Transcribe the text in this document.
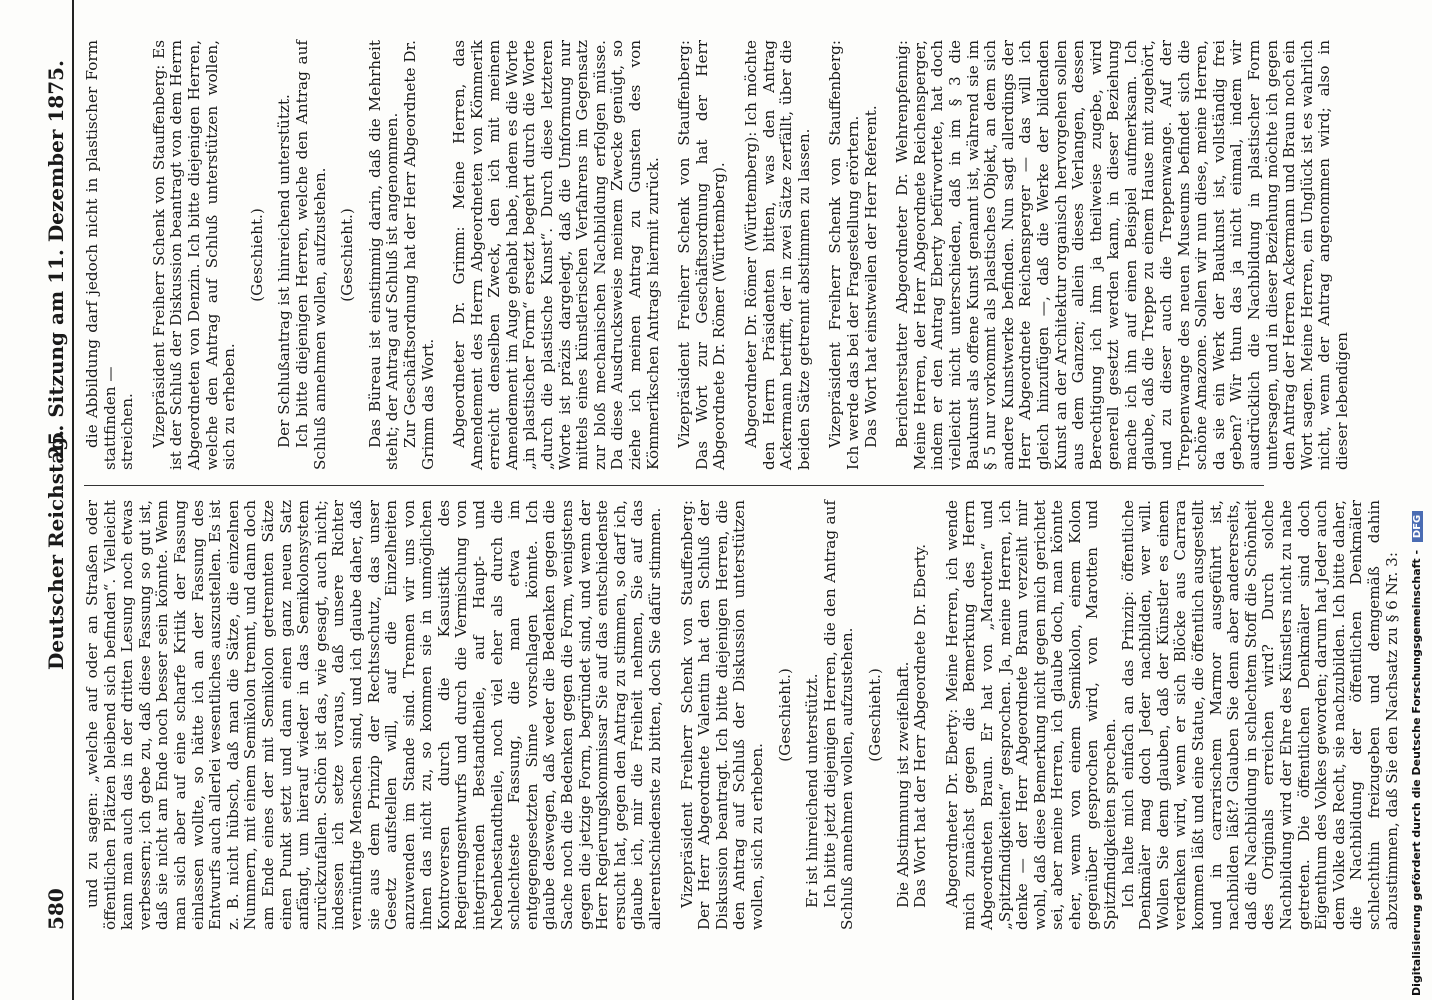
580
Deutscher Reichstag.
25. Sitzung am 11. Dezember 1875.

und zu sagen: „welche auf oder an Straßen oder öffentlichen Plätzen bleibend sich befinden“. Vielleicht kann man auch das in der dritten Lesung noch etwas verbessern; ich gebe zu, daß diese Fassung so gut ist, daß sie nicht am Ende noch besser sein könnte. Wenn man sich aber auf eine scharfe Kritik der Fassung einlassen wollte, so hätte ich an der Fassung des Entwurfs auch allerlei wesentliches auszustellen. Es ist z. B. nicht hübsch, daß man die Sätze, die einzelnen Nummern, mit einem Semikolon trennt, und dann doch am Ende eines der mit Semikolon getrennten Sätze einen Punkt setzt und dann einen ganz neuen Satz anfängt, um hierauf wieder in das Semikolonsystem zurückzufallen. Schön ist das, wie gesagt, auch nicht; indessen ich setze voraus, daß unsere Richter vernünftige Menschen sind, und ich glaube daher, daß sie aus dem Prinzip der Rechtsschutz, das unser Gesetz aufstellen will, auf die Einzelheiten anzuwenden im Stande sind. Trennen wir uns von ihnen das nicht zu, so kommen sie in unmöglichen Kontroversen durch die Kasuistik des Regierungsentwurfs und durch die Vermischung von integrirenden Bestandtheile, auf Haupt- und Nebenbestandtheile, noch viel eher als durch die schlechteste Fassung, die man etwa im entgegengesetzten Sinne vorschlagen könnte. Ich glaube deswegen, daß weder die Bedenken gegen die Sache noch die Bedenken gegen die Form, wenigstens gegen die jetzige Form, begründet sind, und wenn der Herr Regierungskommissar Sie auf das entschiedenste ersucht hat, gegen den Antrag zu stimmen, so darf ich, glaube ich, mir die Freiheit nehmen, Sie auf das allerentschiedenste zu bitten, doch Sie dafür stimmen. Vizepräsident Freiherr Schenk von Stauffenberg: Der Herr Abgeordnete Valentin hat den Schluß der Diskussion beantragt. Ich bitte diejenigen Herren, die den Antrag auf Schluß der Diskussion unterstützen wollen, sich zu erheben.

(Geschieht.) Er ist hinreichend unterstützt. Ich bitte jetzt diejenigen Herren, die den Antrag auf Schluß annehmen wollen, aufzustehen. (Geschieht.) Die Abstimmung ist zweifelhaft. Das Wort hat der Herr Abgeordnete Dr. Eberty. Abgeordneter Dr. Eberty: Meine Herren, ich wende mich zunächst gegen die Bemerkung des Herrn Abgeordneten Braun. Er hat von „Marotten“ und „Spitzfindigkeiten“ gesprochen. Ja, meine Herren, ich denke — der Herr Abgeordnete Braun verzeiht mir wohl, daß diese Bemerkung nicht gegen mich gerichtet sei, aber meine Herren, ich glaube doch, man könnte eher, wenn von einem Semikolon, einem Kolon gegenüber gesprochen wird, von Marotten und Spitzfindigkeiten sprechen. Ich halte mich einfach an das Prinzip: öffentliche Denkmäler mag doch Jeder nachbilden, wer will. Wollen Sie denn glauben, daß der Künstler es einem verdenken wird, wenn er sich Blöcke aus Carrara kommen läßt und eine Statue, die öffentlich ausgestellt und in carrarischem Marmor ausgeführt ist, nachbilden läßt? Glauben Sie denn aber andererseits, daß die Nachbildung in schlechtem Stoff die Schönheit des Originals erreichen wird? Durch solche Nachbildung wird der Ehre des Künstlers nicht zu nahe getreten. Die öffentlichen Denkmäler sind doch Eigenthum des Volkes geworden; darum hat Jeder auch dem Volke das Recht, sie nachzubilden. Ich bitte daher, die Nachbildung der öffentlichen Denkmäler schlechthin freizugeben und demgemäß dahin abzustimmen, daß Sie den Nachsatz zu § 6 Nr. 3:

die Abbildung darf jedoch nicht in plastischer Form stattfinden — streichen. Vizepräsident Freiherr Schenk von Stauffenberg: Es ist der Schluß der Diskussion beantragt von dem Herrn Abgeordneten von Denzin. Ich bitte diejenigen Herren, welche den Antrag auf Schluß unterstützen wollen, sich zu erheben.

(Geschieht.) Der Schlußantrag ist hinreichend unterstützt. Ich bitte diejenigen Herren, welche den Antrag auf Schluß annehmen wollen, aufzustehen. (Geschieht.) Das Büreau ist einstimmig darin, daß die Mehrheit steht; der Antrag auf Schluß ist angenommen. Zur Geschäftsordnung hat der Herr Abgeordnete Dr. Grimm das Wort. Abgeordneter Dr. Grimm: Meine Herren, das Amendement des Herrn Abgeordneten von Kömmerik erreicht denselben Zweck, den ich mit meinem Amendement im Auge gehabt habe, indem es die Worte „in plastischer Form“ ersetzt begehrt durch die Worte „durch die plastische Kunst“. Durch diese letzteren Worte ist präzis dargelegt, daß die Umformung nur mittels eines künstlerischen Verfahrens im Gegensatz zur bloß mechanischen Nachbildung erfolgen müsse. Da diese Ausdrucksweise meinem Zwecke genügt, so ziehe ich meinen Antrag zu Gunsten des von Kömmerikschen Antrags hiermit zurück. Vizepräsident Freiherr Schenk von Stauffenberg: Das Wort zur Geschäftsordnung hat der Herr Abgeordnete Dr. Römer (Württemberg). Abgeordneter Dr. Römer (Württemberg): Ich möchte den Herrn Präsidenten bitten, was den Antrag Ackermann betrifft, der in zwei Sätze zerfällt, über die beiden Sätze getrennt abstimmen zu lassen. Vizepräsident Freiherr Schenk von Stauffenberg: Ich werde das bei der Fragestellung erörtern. Das Wort hat einstweilen der Herr Referent. Berichterstatter Abgeordneter Dr. Wehrenpfennig: Meine Herren, der Herr Abgeordnete Reichensperger, indem er den Antrag Eberty befürwortete, hat doch vielleicht nicht unterschieden, daß in im § 3 die Baukunst als offene Kunst genannt ist, während sie im § 5 nur vorkommt als plastisches Objekt, an dem sich andere Kunstwerke befinden. Nun sagt allerdings der Herr Abgeordnete Reichensperger — das will ich gleich hinzufügen —, daß die Werke der bildenden Kunst an der Architektur organisch hervorgehen sollen aus dem Ganzen; allein dieses Verlangen, dessen Berechtigung ich ihm ja theilweise zugebe, wird generell gesetzt werden kann, in dieser Beziehung mache ich ihn auf einen Beispiel aufmerksam. Ich glaube, daß die Treppe zu einem Hause mit zugehört, und zu dieser auch die Treppenwange. Auf der Treppenwange des neuen Museums befindet sich die schöne Amazone. Sollen wir nun diese, meine Herren, da sie ein Werk der Baukunst ist, vollständig frei geben? Wir thun das ja nicht einmal, indem wir ausdrücklich die Nachbildung in plastischer Form untersagen, und in dieser Beziehung möchte ich gegen den Antrag der Herren Ackermann und Braun noch ein Wort sagen. Meine Herren, ein Unglück ist es wahrlich nicht, wenn der Antrag angenommen wird; also in dieser lebendigen

Digitalisierung gefördert durch die Deutsche Forschungsgemeinschaft - DFG
